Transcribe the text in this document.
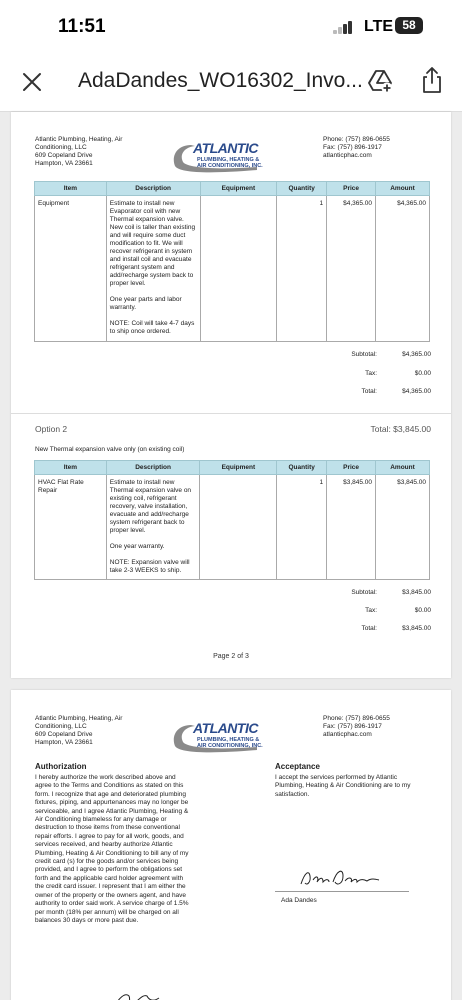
11:51	LTE 58
AdaDandes_WO16302_Invo...
Atlantic Plumbing, Heating, Air
Conditioning, LLC
609 Copeland Drive
Hampton, VA 23661
ATLANTIC
PLUMBING, HEATING &
AIR CONDITIONING, INC.
Phone: (757) 896-0655
Fax: (757) 896-1917
atlanticphac.com
Item	Description	Equipment	Quantity	Price	Amount
Equipment	Estimate to install new Evaporator coil with new Thermal expansion valve. New coil is taller than existing and will require some duct modification to fit. We will recover refrigerant in system and install coil and evacuate refrigerant system and add/recharge system back to proper level.

One year parts and labor warranty.

NOTE: Coil will take 4-7 days to ship once ordered.		1	$4,365.00	$4,365.00
Subtotal:	$4,365.00
Tax:	$0.00
Total:	$4,365.00
Option 2	Total: $3,845.00
New Thermal expansion valve only (on existing coil)
Item	Description	Equipment	Quantity	Price	Amount
HVAC Flat Rate Repair	Estimate to install new Thermal expansion valve on existing coil, refrigerant recovery, valve installation, evacuate and add/recharge system refrigerant back to proper level.

One year warranty.

NOTE: Expansion valve will take 2-3 WEEKS to ship.		1	$3,845.00	$3,845.00
Subtotal:	$3,845.00
Tax:	$0.00
Total:	$3,845.00
Page 2 of 3
Atlantic Plumbing, Heating, Air
Conditioning, LLC
609 Copeland Drive
Hampton, VA 23661
ATLANTIC
PLUMBING, HEATING &
AIR CONDITIONING, INC.
Phone: (757) 896-0655
Fax: (757) 896-1917
atlanticphac.com
Authorization
I hereby authorize the work described above and agree to the Terms and Conditions as stated on this form. I recognize that age and deteriorated plumbing fixtures, piping, and appurtenances may no longer be serviceable, and I agree Atlantic Plumbing, Heating & Air Conditioning blameless for any damage or destruction to those items from these conventional repair efforts. I agree to pay for all work, goods, and services received, and hearby authorize Atlantic Plumbing, Heating & Air Conditioning to bill any of my credit card (s) for the goods and/or services being provided, and I agree to perform the obligations set forth and the applicable card holder agreement with the credit card issuer. I represent that I am either the owner of the property or the owners agent, and have authority to order said work. A service charge of 1.5% per month (18% per annum) will be charged on all balances 30 days or more past due.
Acceptance
I accept the services performed by Atlantic Plumbing, Heating & Air Conditioning are to my satisfaction.
Ada Dandes
